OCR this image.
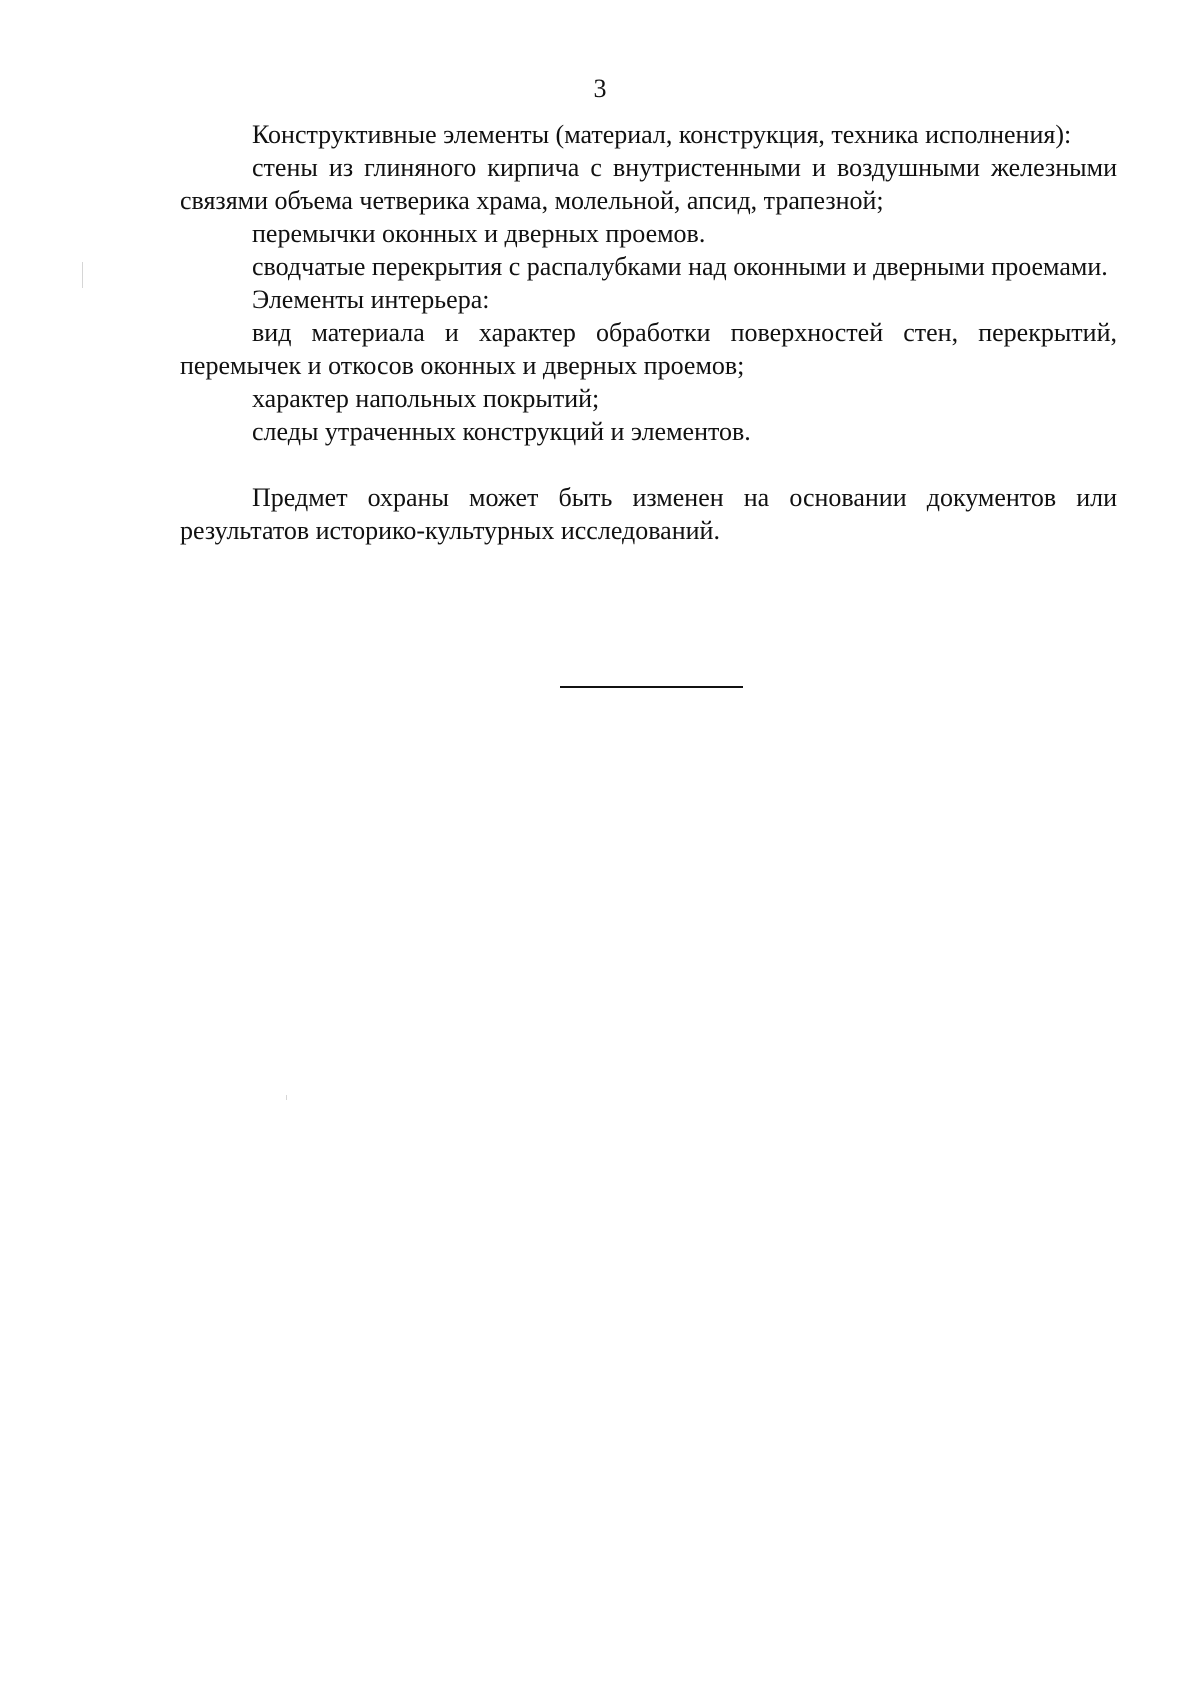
3

Конструктивные элементы (материал, конструкция, техника исполнения):

стены из глиняного кирпича с внутристенными и воздушными железными связями объема четверика храма, молельной, апсид, трапезной;

перемычки оконных и дверных проемов.

сводчатые перекрытия с распалубками над оконными и дверными проемами.

Элементы интерьера:

вид материала и характер обработки поверхностей стен, перекрытий, перемычек и откосов оконных и дверных проемов;

характер напольных покрытий;

следы утраченных конструкций и элементов.

Предмет охраны может быть изменен на основании документов или результатов историко-культурных исследований.
